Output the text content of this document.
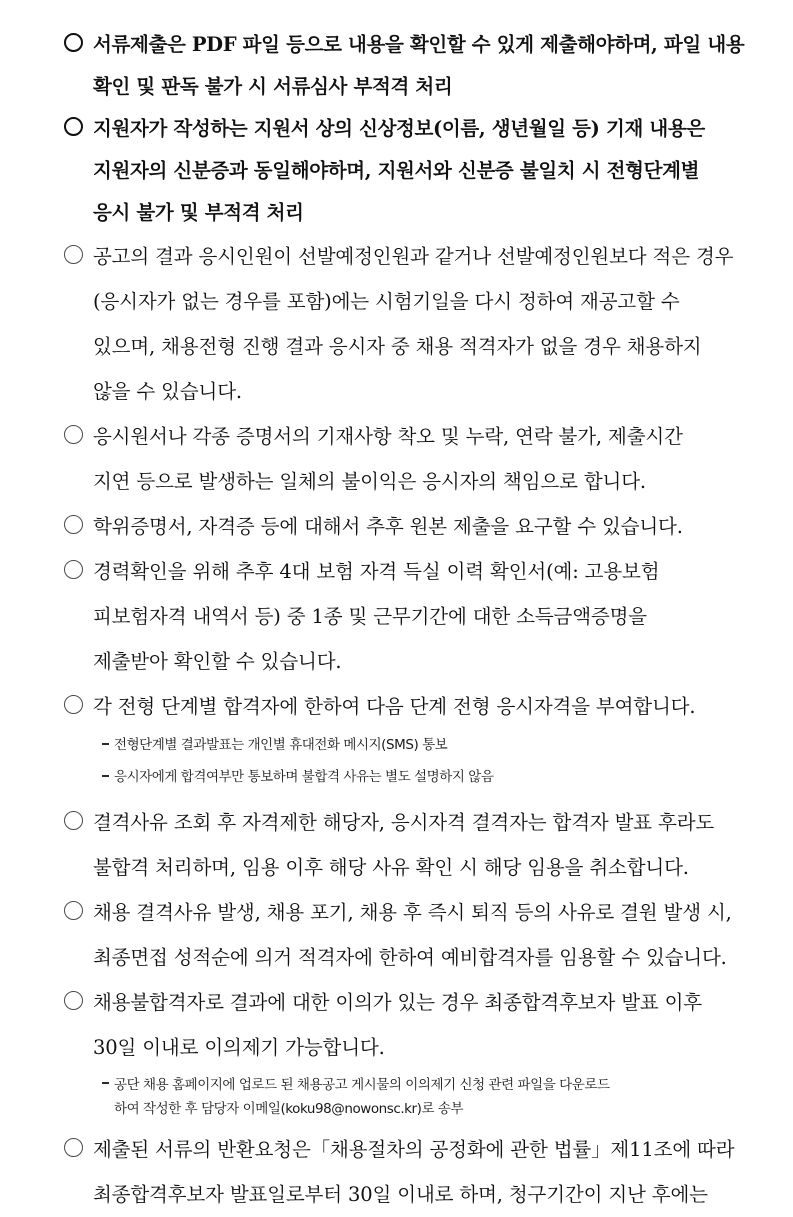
서류제출은 PDF 파일 등으로 내용을 확인할 수 있게 제출해야하며, 파일 내용
확인 및 판독 불가 시 서류심사 부적격 처리
지원자가 작성하는 지원서 상의 신상정보(이름, 생년월일 등) 기재 내용은
지원자의 신분증과 동일해야하며, 지원서와 신분증 불일치 시 전형단계별
응시 불가 및 부적격 처리
공고의 결과 응시인원이 선발예정인원과 같거나 선발예정인원보다 적은 경우
(응시자가 없는 경우를 포함)에는 시험기일을 다시 정하여 재공고할 수
있으며, 채용전형 진행 결과 응시자 중 채용 적격자가 없을 경우 채용하지
않을 수 있습니다.
응시원서나 각종 증명서의 기재사항 착오 및 누락, 연락 불가, 제출시간
지연 등으로 발생하는 일체의 불이익은 응시자의 책임으로 합니다.
학위증명서, 자격증 등에 대해서 추후 원본 제출을 요구할 수 있습니다.
경력확인을 위해 추후 4대 보험 자격 득실 이력 확인서(예: 고용보험
피보험자격 내역서 등) 중 1종 및 근무기간에 대한 소득금액증명을
제출받아 확인할 수 있습니다.
각 전형 단계별 합격자에 한하여 다음 단계 전형 응시자격을 부여합니다.
전형단계별 결과발표는 개인별 휴대전화 메시지(SMS) 통보
응시자에게 합격여부만 통보하며 불합격 사유는 별도 설명하지 않음
결격사유 조회 후 자격제한 해당자, 응시자격 결격자는 합격자 발표 후라도
불합격 처리하며, 임용 이후 해당 사유 확인 시 해당 임용을 취소합니다.
채용 결격사유 발생, 채용 포기, 채용 후 즉시 퇴직 등의 사유로 결원 발생 시,
최종면접 성적순에 의거 적격자에 한하여 예비합격자를 임용할 수 있습니다.
채용불합격자로 결과에 대한 이의가 있는 경우 최종합격후보자 발표 이후
30일 이내로 이의제기 가능합니다.
공단 채용 홈페이지에 업로드 된 채용공고 게시물의 이의제기 신청 관련 파일을 다운로드
하여 작성한 후 담당자 이메일(koku98@nowonsc.kr)로 송부
제출된 서류의 반환요청은「채용절차의 공정화에 관한 법률」제11조에 따라
최종합격후보자 발표일로부터 30일 이내로 하며, 청구기간이 지난 후에는
